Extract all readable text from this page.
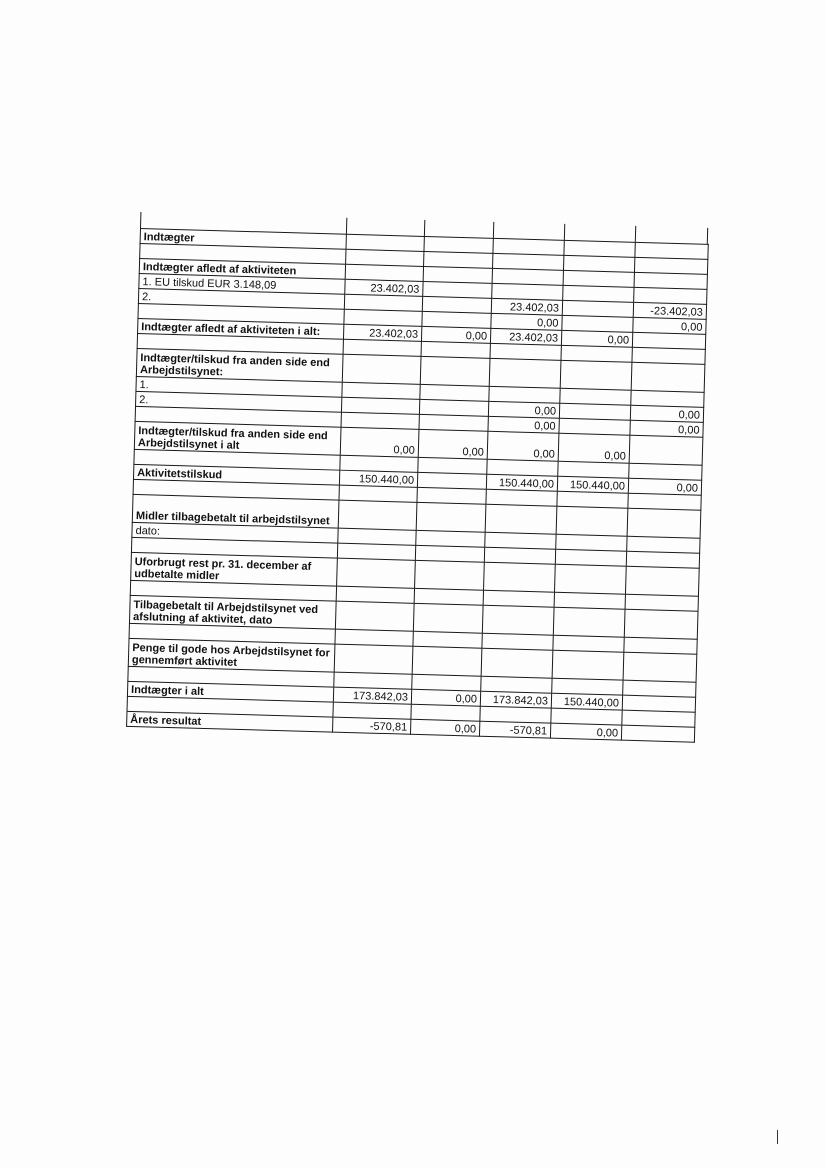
Indtægter					

Indtægter afledt af aktiviteten					
1. EU tilskud EUR 3.148,09	23.402,03				
2.			23.402,03		-23.402,03
			0,00		0,00
Indtægter afledt af aktiviteten i alt:	23.402,03	0,00	23.402,03	0,00	

Indtægter/tilskud fra anden side end Arbejdstilsynet:					
1.					
2.			0,00		0,00
			0,00		0,00
Indtægter/tilskud fra anden side end Arbejdstilsynet i alt	0,00	0,00	0,00	0,00	

Aktivitetstilskud	150.440,00		150.440,00	150.440,00	0,00

Midler tilbagebetalt til arbejdstilsynet					
dato:					

Uforbrugt rest pr. 31. december af udbetalte midler					

Tilbagebetalt til Arbejdstilsynet ved afslutning af aktivitet, dato					

Penge til gode hos Arbejdstilsynet for gennemført aktivitet					

Indtægter i alt	173.842,03	0,00	173.842,03	150.440,00	

Årets resultat	-570,81	0,00	-570,81	0,00	
